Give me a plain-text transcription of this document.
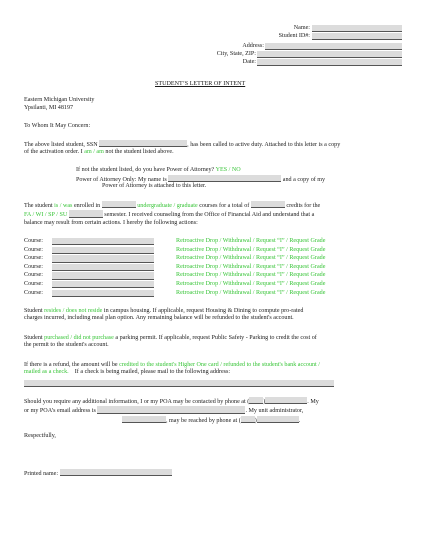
Name:
Student ID#:
Address:
City, State, ZIP:
Date:
STUDENT’S LETTER OF INTENT
Eastern Michigan University
Ypsilanti, MI 48197
To Whom It May Concern:
The above listed student, SSN	, has been called to active duty. Attached to this letter is a copy
of the activation order. I am / am not the student listed above.
If not the student listed, do you have Power of Attorney? YES / NO
Power of Attorney Only: My name is	and a copy of my
Power of Attorney is attached to this letter.
The student is / was enrolled in	undergraduate / graduate courses for a total of	credits for the
FA / WI / SP / SU	semester. I received counseling from the Office of Financial Aid and understand that a
balance may result from certain actions. I hereby the following actions:
Course:	Retroactive Drop / Withdrawal / Request “I” / Request Grade
Course:	Retroactive Drop / Withdrawal / Request “I” / Request Grade
Course:	Retroactive Drop / Withdrawal / Request “I” / Request Grade
Course:	Retroactive Drop / Withdrawal / Request “I” / Request Grade
Course:	Retroactive Drop / Withdrawal / Request “I” / Request Grade
Course:	Retroactive Drop / Withdrawal / Request “I” / Request Grade
Course:	Retroactive Drop / Withdrawal / Request “I” / Request Grade
Student resides / does not reside in campus housing. If applicable, request Housing & Dining to compute pro-rated
charges incurred, including meal plan option. Any remaining balance will be refunded to the student's account.
Student purchased / did not purchase a parking permit. If applicable, request Public Safety - Parking to credit the cost of
the permit to the student's account.
If there is a refund, the amount will be credited to the student's Higher One card / refunded to the student's bank account /
mailed as a check. If a check is being mailed, please mail to the following address:
Should you require any additional information, I or my POA may be contacted by phone at ( )	. My
or my POA’s email address is	. My unit administrator,
, may be reached by phone at ( )	.
Respectfully,
Printed name:
